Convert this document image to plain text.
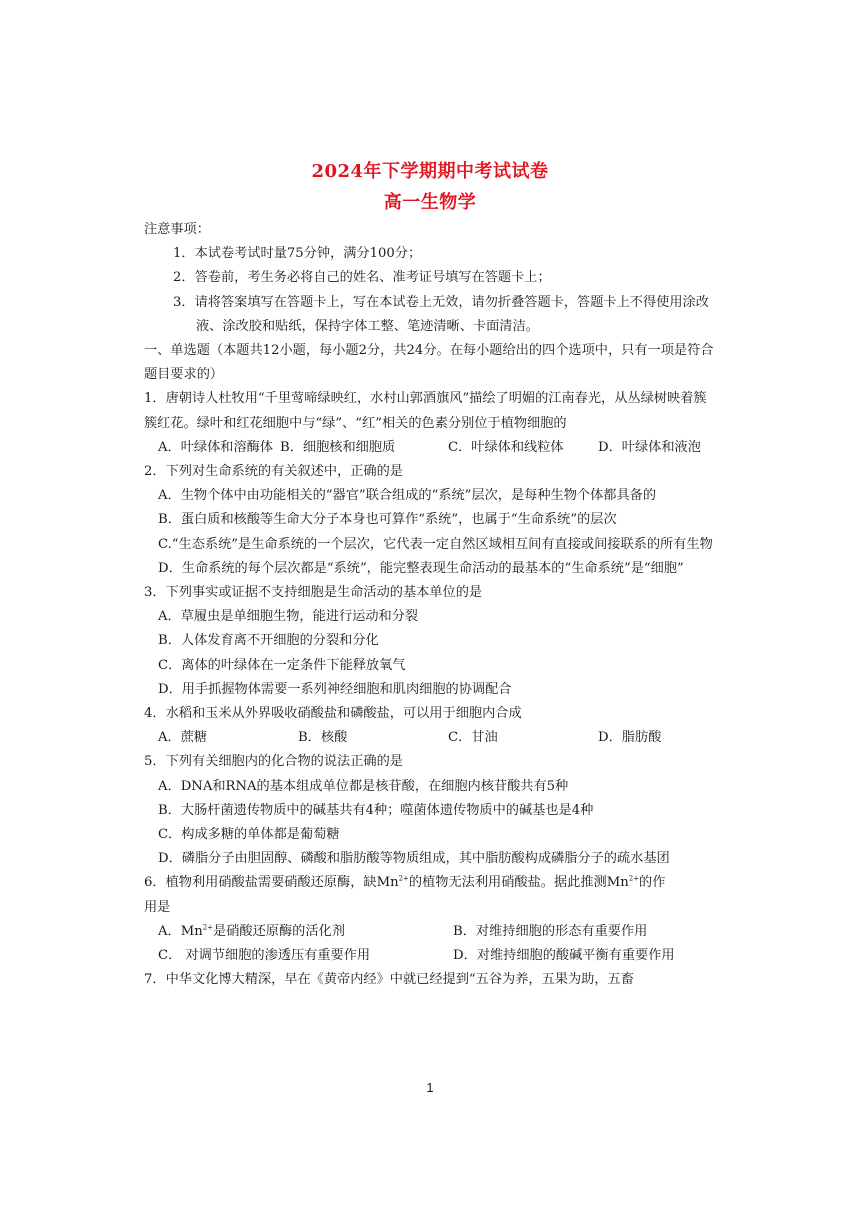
2024年下学期期中考试试卷
高一生物学
注意事项：
1．本试卷考试时量75分钟，满分100分；
2．答卷前，考生务必将自己的姓名、准考证号填写在答题卡上；
3．请将答案填写在答题卡上，写在本试卷上无效，请勿折叠答题卡，答题卡上不得使用涂改液、涂改胶和贴纸，保持字体工整、笔迹清晰、卡面清洁。
一、单选题（本题共12小题，每小题2分，共24分。在每小题给出的四个选项中，只有一项是符合题目要求的）
1．唐朝诗人杜牧用“千里莺啼绿映红，水村山郭酒旗风”描绘了明媚的江南春光，从丛绿树映着簇簇红花。绿叶和红花细胞中与“绿”、“红”相关的色素分别位于植物细胞的
A．叶绿体和溶酶体 B．细胞核和细胞质	C．叶绿体和线粒体	D．叶绿体和液泡
2．下列对生命系统的有关叙述中，正确的是
A．生物个体中由功能相关的“器官”联合组成的“系统”层次，是每种生物个体都具备的
B．蛋白质和核酸等生命大分子本身也可算作“系统”，也属于“生命系统”的层次
C.“生态系统”是生命系统的一个层次，它代表一定自然区域相互间有直接或间接联系的所有生物
D．生命系统的每个层次都是“系统”，能完整表现生命活动的最基本的“生命系统”是“细胞”
3．下列事实或证据不支持细胞是生命活动的基本单位的是
A．草履虫是单细胞生物，能进行运动和分裂
B．人体发育离不开细胞的分裂和分化
C．离体的叶绿体在一定条件下能释放氧气
D．用手抓握物体需要一系列神经细胞和肌肉细胞的协调配合
4．水稻和玉米从外界吸收硝酸盐和磷酸盐，可以用于细胞内合成
A．蔗糖	B．核酸	C．甘油	D．脂肪酸
5．下列有关细胞内的化合物的说法正确的是
A．DNA和RNA的基本组成单位都是核苷酸，在细胞内核苷酸共有5种
B．大肠杆菌遗传物质中的碱基共有4种；噬菌体遗传物质中的碱基也是4种
C．构成多糖的单体都是葡萄糖
D．磷脂分子由胆固醇、磷酸和脂肪酸等物质组成，其中脂肪酸构成磷脂分子的疏水基团
6．植物利用硝酸盐需要硝酸还原酶，缺$Mn^{2+}$的植物无法利用硝酸盐。据此推测$Mn^{2+}$的作
用是
A．$Mn^{2+}$是硝酸还原酶的活化剂	B．对维持细胞的形态有重要作用
C． 对调节细胞的渗透压有重要作用	D．对维持细胞的酸碱平衡有重要作用
7．中华文化博大精深，早在《黄帝内经》中就已经提到“五谷为养，五果为助，五畜
1
